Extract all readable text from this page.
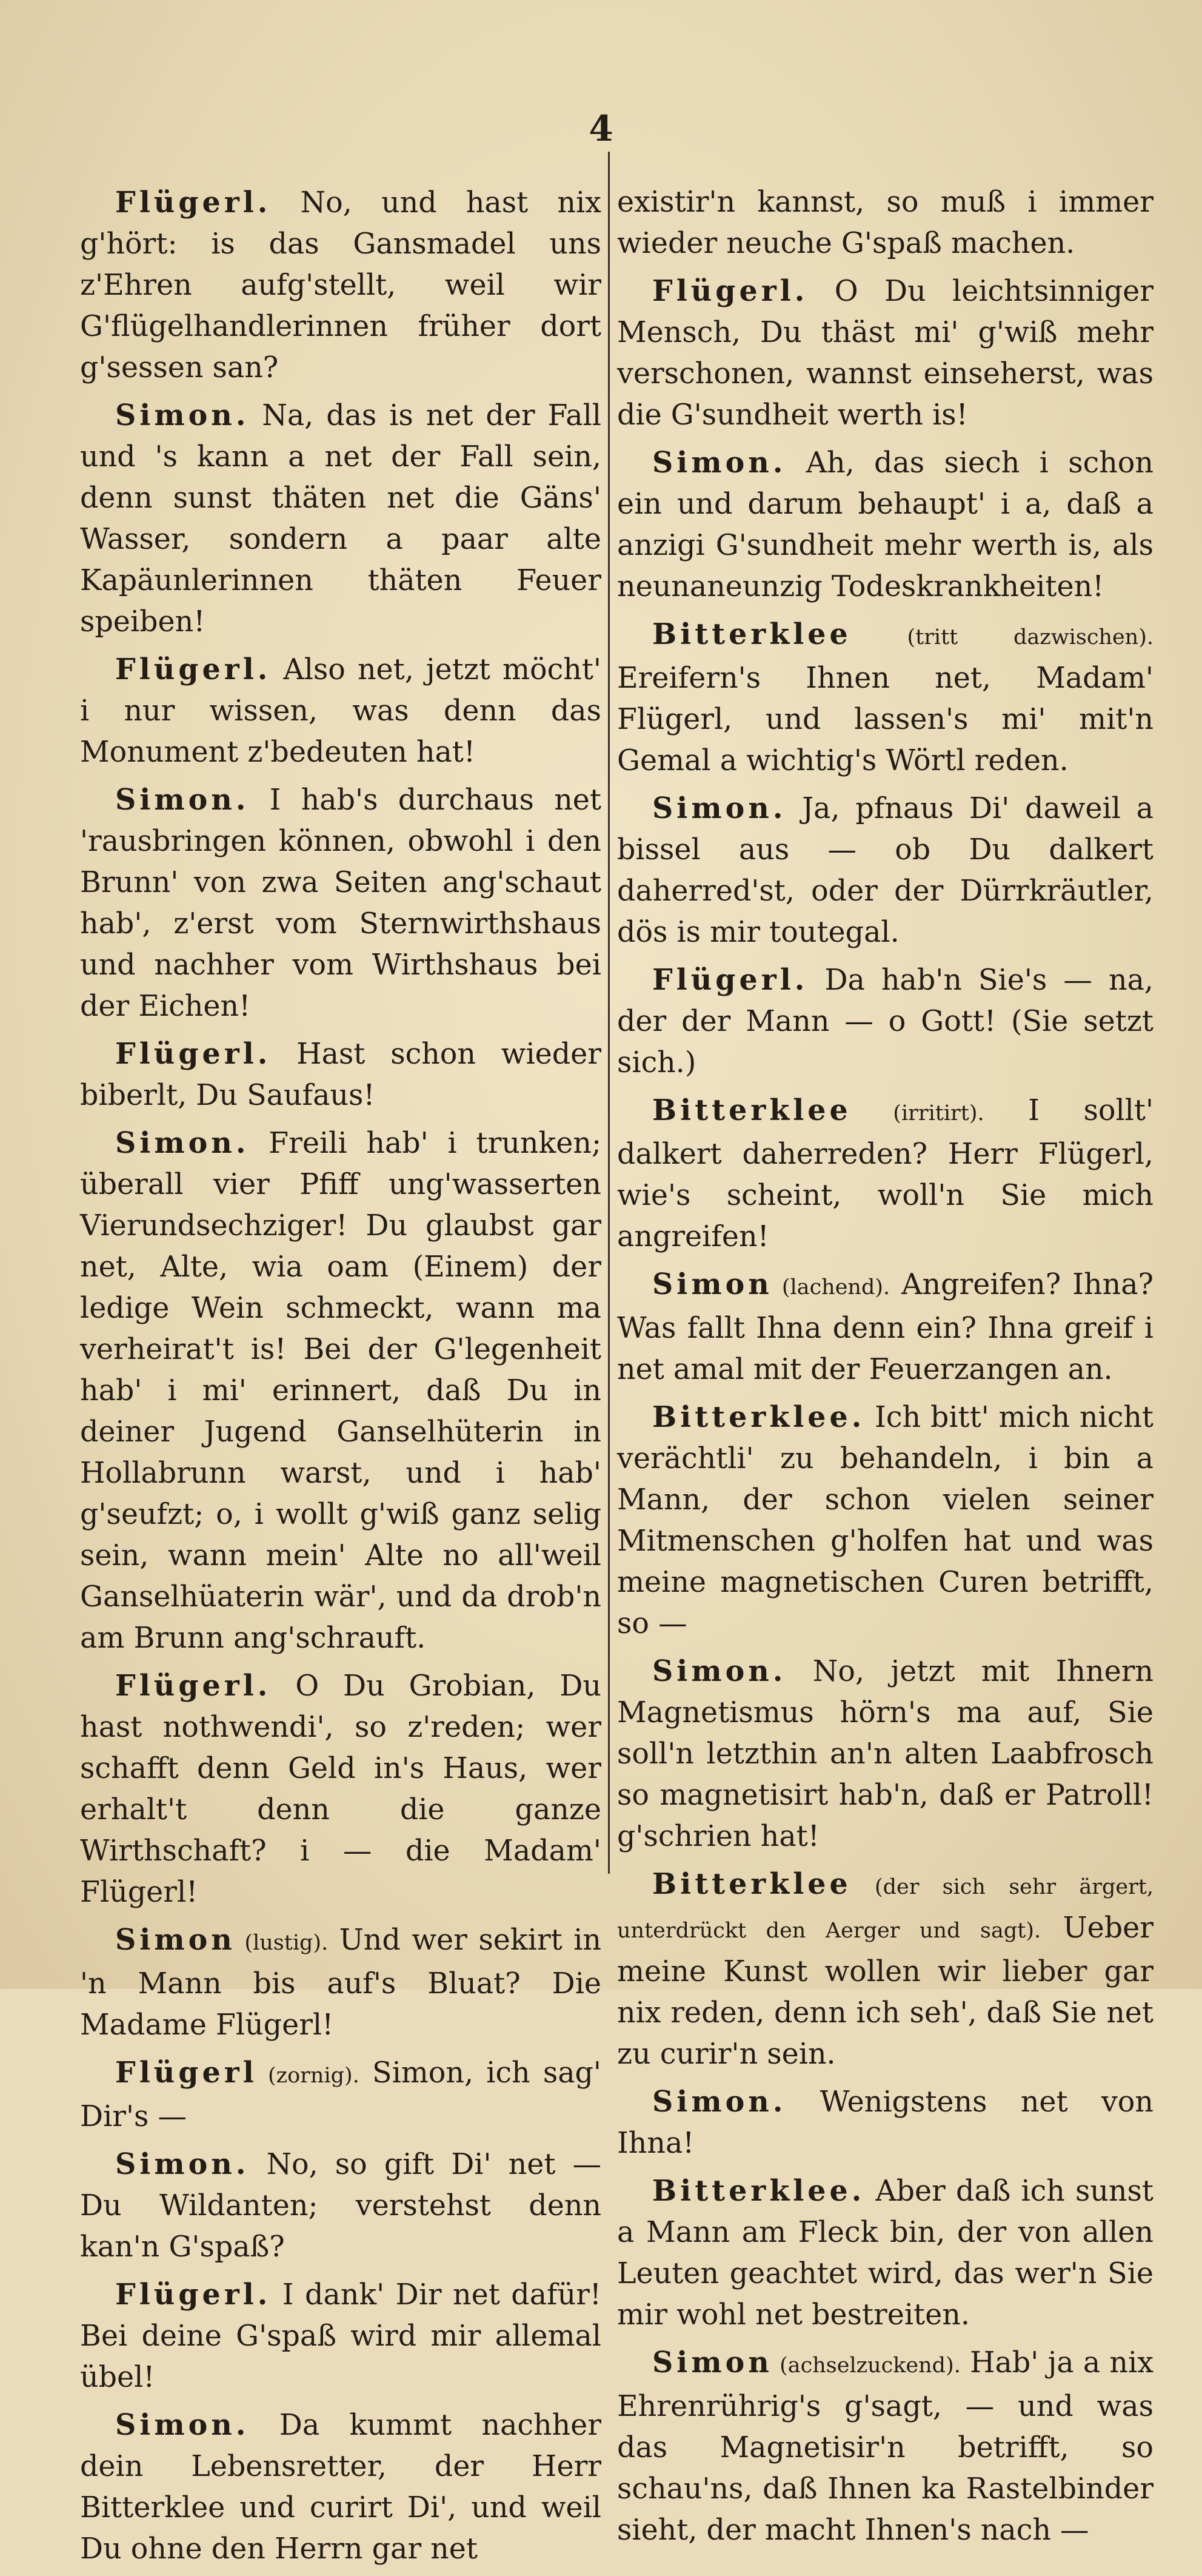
4

Flügerl. No, und hast nix g'hört: is das Gansmadel uns z'Ehren aufg'stellt, weil wir G'flügelhandlerinnen früher dort g'sessen san?

Simon. Na, das is net der Fall und 's kann a net der Fall sein, denn sunst thäten net die Gäns' Wasser, sondern a paar alte Kapäunlerinnen thäten Feuer speiben!

Flügerl. Also net, jetzt möcht' i nur wissen, was denn das Monument z'bedeuten hat!

Simon. I hab's durchaus net 'rausbringen können, obwohl i den Brunn' von zwa Seiten ang'schaut hab', z'erst vom Sternwirthshaus und nachher vom Wirthshaus bei der Eichen!

Flügerl. Hast schon wieder biberlt, Du Saufaus!

Simon. Freili hab' i trunken; überall vier Pfiff ung'wasserten Vierundsechziger! Du glaubst gar net, Alte, wia oam (Einem) der ledige Wein schmeckt, wann ma verheirat't is! Bei der G'legenheit hab' i mi' erinnert, daß Du in deiner Jugend Ganselhüterin in Hollabrunn warst, und i hab' g'seufzt; o, i wollt g'wiß ganz selig sein, wann mein' Alte no all'weil Ganselhüaterin wär', und da drob'n am Brunn ang'schrauft.

Flügerl. O Du Grobian, Du hast nothwendi', so z'reden; wer schafft denn Geld in's Haus, wer erhalt't denn die ganze Wirthschaft? i — die Madam' Flügerl!

Simon (lustig). Und wer sekirt in 'n Mann bis auf's Bluat? Die Madame Flügerl!

Flügerl (zornig). Simon, ich sag' Dir's —

Simon. No, so gift Di' net — Du Wildanten; verstehst denn kan'n G'spaß?

Flügerl. I dank' Dir net dafür! Bei deine G'spaß wird mir allemal übel!

Simon. Da kummt nachher dein Lebensretter, der Herr Bitterklee und curirt Di', und weil Du ohne den Herrn gar net

existir'n kannst, so muß i immer wieder neuche G'spaß machen.

Flügerl. O Du leichtsinniger Mensch, Du thäst mi' g'wiß mehr verschonen, wannst einseherst, was die G'sundheit werth is!

Simon. Ah, das siech i schon ein und darum behaupt' i a, daß a anzigi G'sundheit mehr werth is, als neunaneunzig Todeskrankheiten!

Bitterklee (tritt dazwischen). Ereifern's Ihnen net, Madam' Flügerl, und lassen's mi' mit'n Gemal a wichtig's Wörtl reden.

Simon. Ja, pfnaus Di' daweil a bissel aus — ob Du dalkert daherred'st, oder der Dürrkräutler, dös is mir toutegal.

Flügerl. Da hab'n Sie's — na, der der Mann — o Gott! (Sie setzt sich.)

Bitterklee (irritirt). I sollt' dalkert daherreden? Herr Flügerl, wie's scheint, woll'n Sie mich angreifen!

Simon (lachend). Angreifen? Ihna? Was fallt Ihna denn ein? Ihna greif i net amal mit der Feuerzangen an.

Bitterklee. Ich bitt' mich nicht verächtli' zu behandeln, i bin a Mann, der schon vielen seiner Mitmenschen g'holfen hat und was meine magnetischen Curen betrifft, so —

Simon. No, jetzt mit Ihnern Magnetismus hörn's ma auf, Sie soll'n letzthin an'n alten Laabfrosch so magnetisirt hab'n, daß er Patroll! g'schrien hat!

Bitterklee (der sich sehr ärgert, unterdrückt den Aerger und sagt). Ueber meine Kunst wollen wir lieber gar nix reden, denn ich seh', daß Sie net zu curir'n sein.

Simon. Wenigstens net von Ihna!

Bitterklee. Aber daß ich sunst a Mann am Fleck bin, der von allen Leuten geachtet wird, das wer'n Sie mir wohl net bestreiten.

Simon (achselzuckend). Hab' ja a nix Ehrenrührig's g'sagt, — und was das Magnetisir'n betrifft, so schau'ns, daß Ihnen ka Rastelbinder sieht, der macht Ihnen's nach —
